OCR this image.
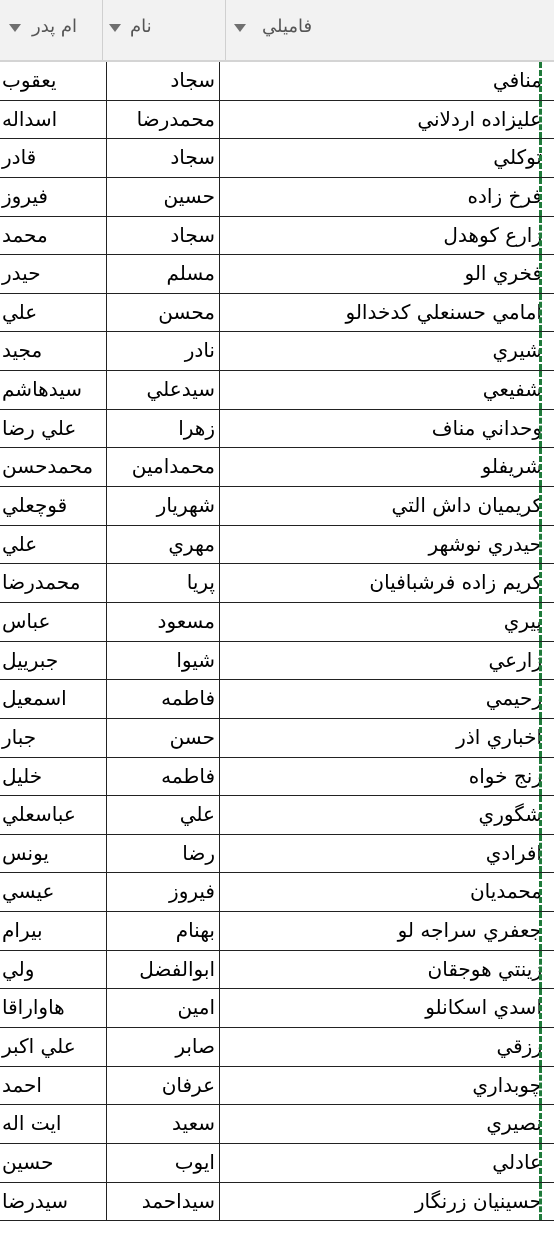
ام پدر	نام	فاميلي
يعقوب	سجاد	منافي
اسداله	محمدرضا	عليزاده اردلاني
قادر	سجاد	توكلي
فيروز	حسين	فرخ زاده
محمد	سجاد	زارع كوهدل
حيدر	مسلم	فخري الو
علي	محسن	امامي حسنعلي كدخدالو
مجيد	نادر	شيري
سيدهاشم	سيدعلي	شفيعي
علي رضا	زهرا	وحداني مناف
محمدحسن	محمدامين	شريفلو
قوچعلي	شهريار	كريميان داش التي
علي	مهري	حيدري نوشهر
محمدرضا	پريا	كريم زاده فرشبافيان
عباس	مسعود	پيري
جبرييل	شيوا	زارعي
اسمعيل	فاطمه	رحيمي
جبار	حسن	اخباري اذر
خليل	فاطمه	رنج خواه
عباسعلي	علي	شگوري
يونس	رضا	افرادي
عيسي	فيروز	محمديان
بيرام	بهنام	جعفري سراجه لو
ولي	ابوالفضل	زينتي هوجقان
هاواراقا	امين	اسدي اسكانلو
علي اكبر	صابر	رزقي
احمد	عرفان	چوبداري
ايت اله	سعيد	نصيري
حسين	ايوب	عادلي
سيدرضا	سيداحمد	حسينيان زرنگار
